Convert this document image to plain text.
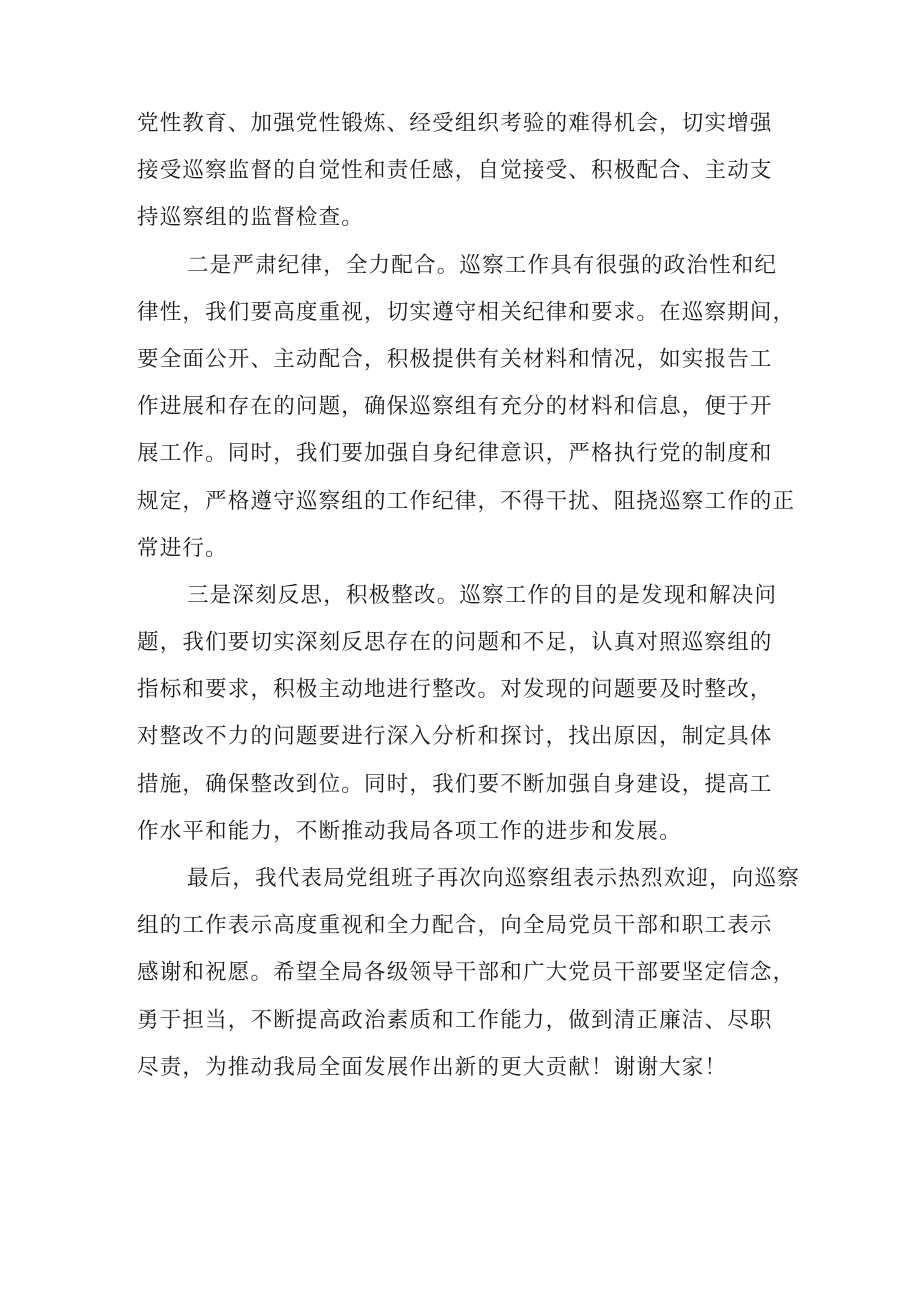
党性教育、加强党性锻炼、经受组织考验的难得机会，切实增强
接受巡察监督的自觉性和责任感，自觉接受、积极配合、主动支
持巡察组的监督检查。
二是严肃纪律，全力配合。巡察工作具有很强的政治性和纪
律性，我们要高度重视，切实遵守相关纪律和要求。在巡察期间，
要全面公开、主动配合，积极提供有关材料和情况，如实报告工
作进展和存在的问题，确保巡察组有充分的材料和信息，便于开
展工作。同时，我们要加强自身纪律意识，严格执行党的制度和
规定，严格遵守巡察组的工作纪律，不得干扰、阻挠巡察工作的正
常进行。
三是深刻反思，积极整改。巡察工作的目的是发现和解决问
题，我们要切实深刻反思存在的问题和不足，认真对照巡察组的
指标和要求，积极主动地进行整改。对发现的问题要及时整改，
对整改不力的问题要进行深入分析和探讨，找出原因，制定具体
措施，确保整改到位。同时，我们要不断加强自身建设，提高工
作水平和能力，不断推动我局各项工作的进步和发展。
最后，我代表局党组班子再次向巡察组表示热烈欢迎，向巡察
组的工作表示高度重视和全力配合，向全局党员干部和职工表示
感谢和祝愿。希望全局各级领导干部和广大党员干部要坚定信念，
勇于担当，不断提高政治素质和工作能力，做到清正廉洁、尽职
尽责，为推动我局全面发展作出新的更大贡献！谢谢大家！
